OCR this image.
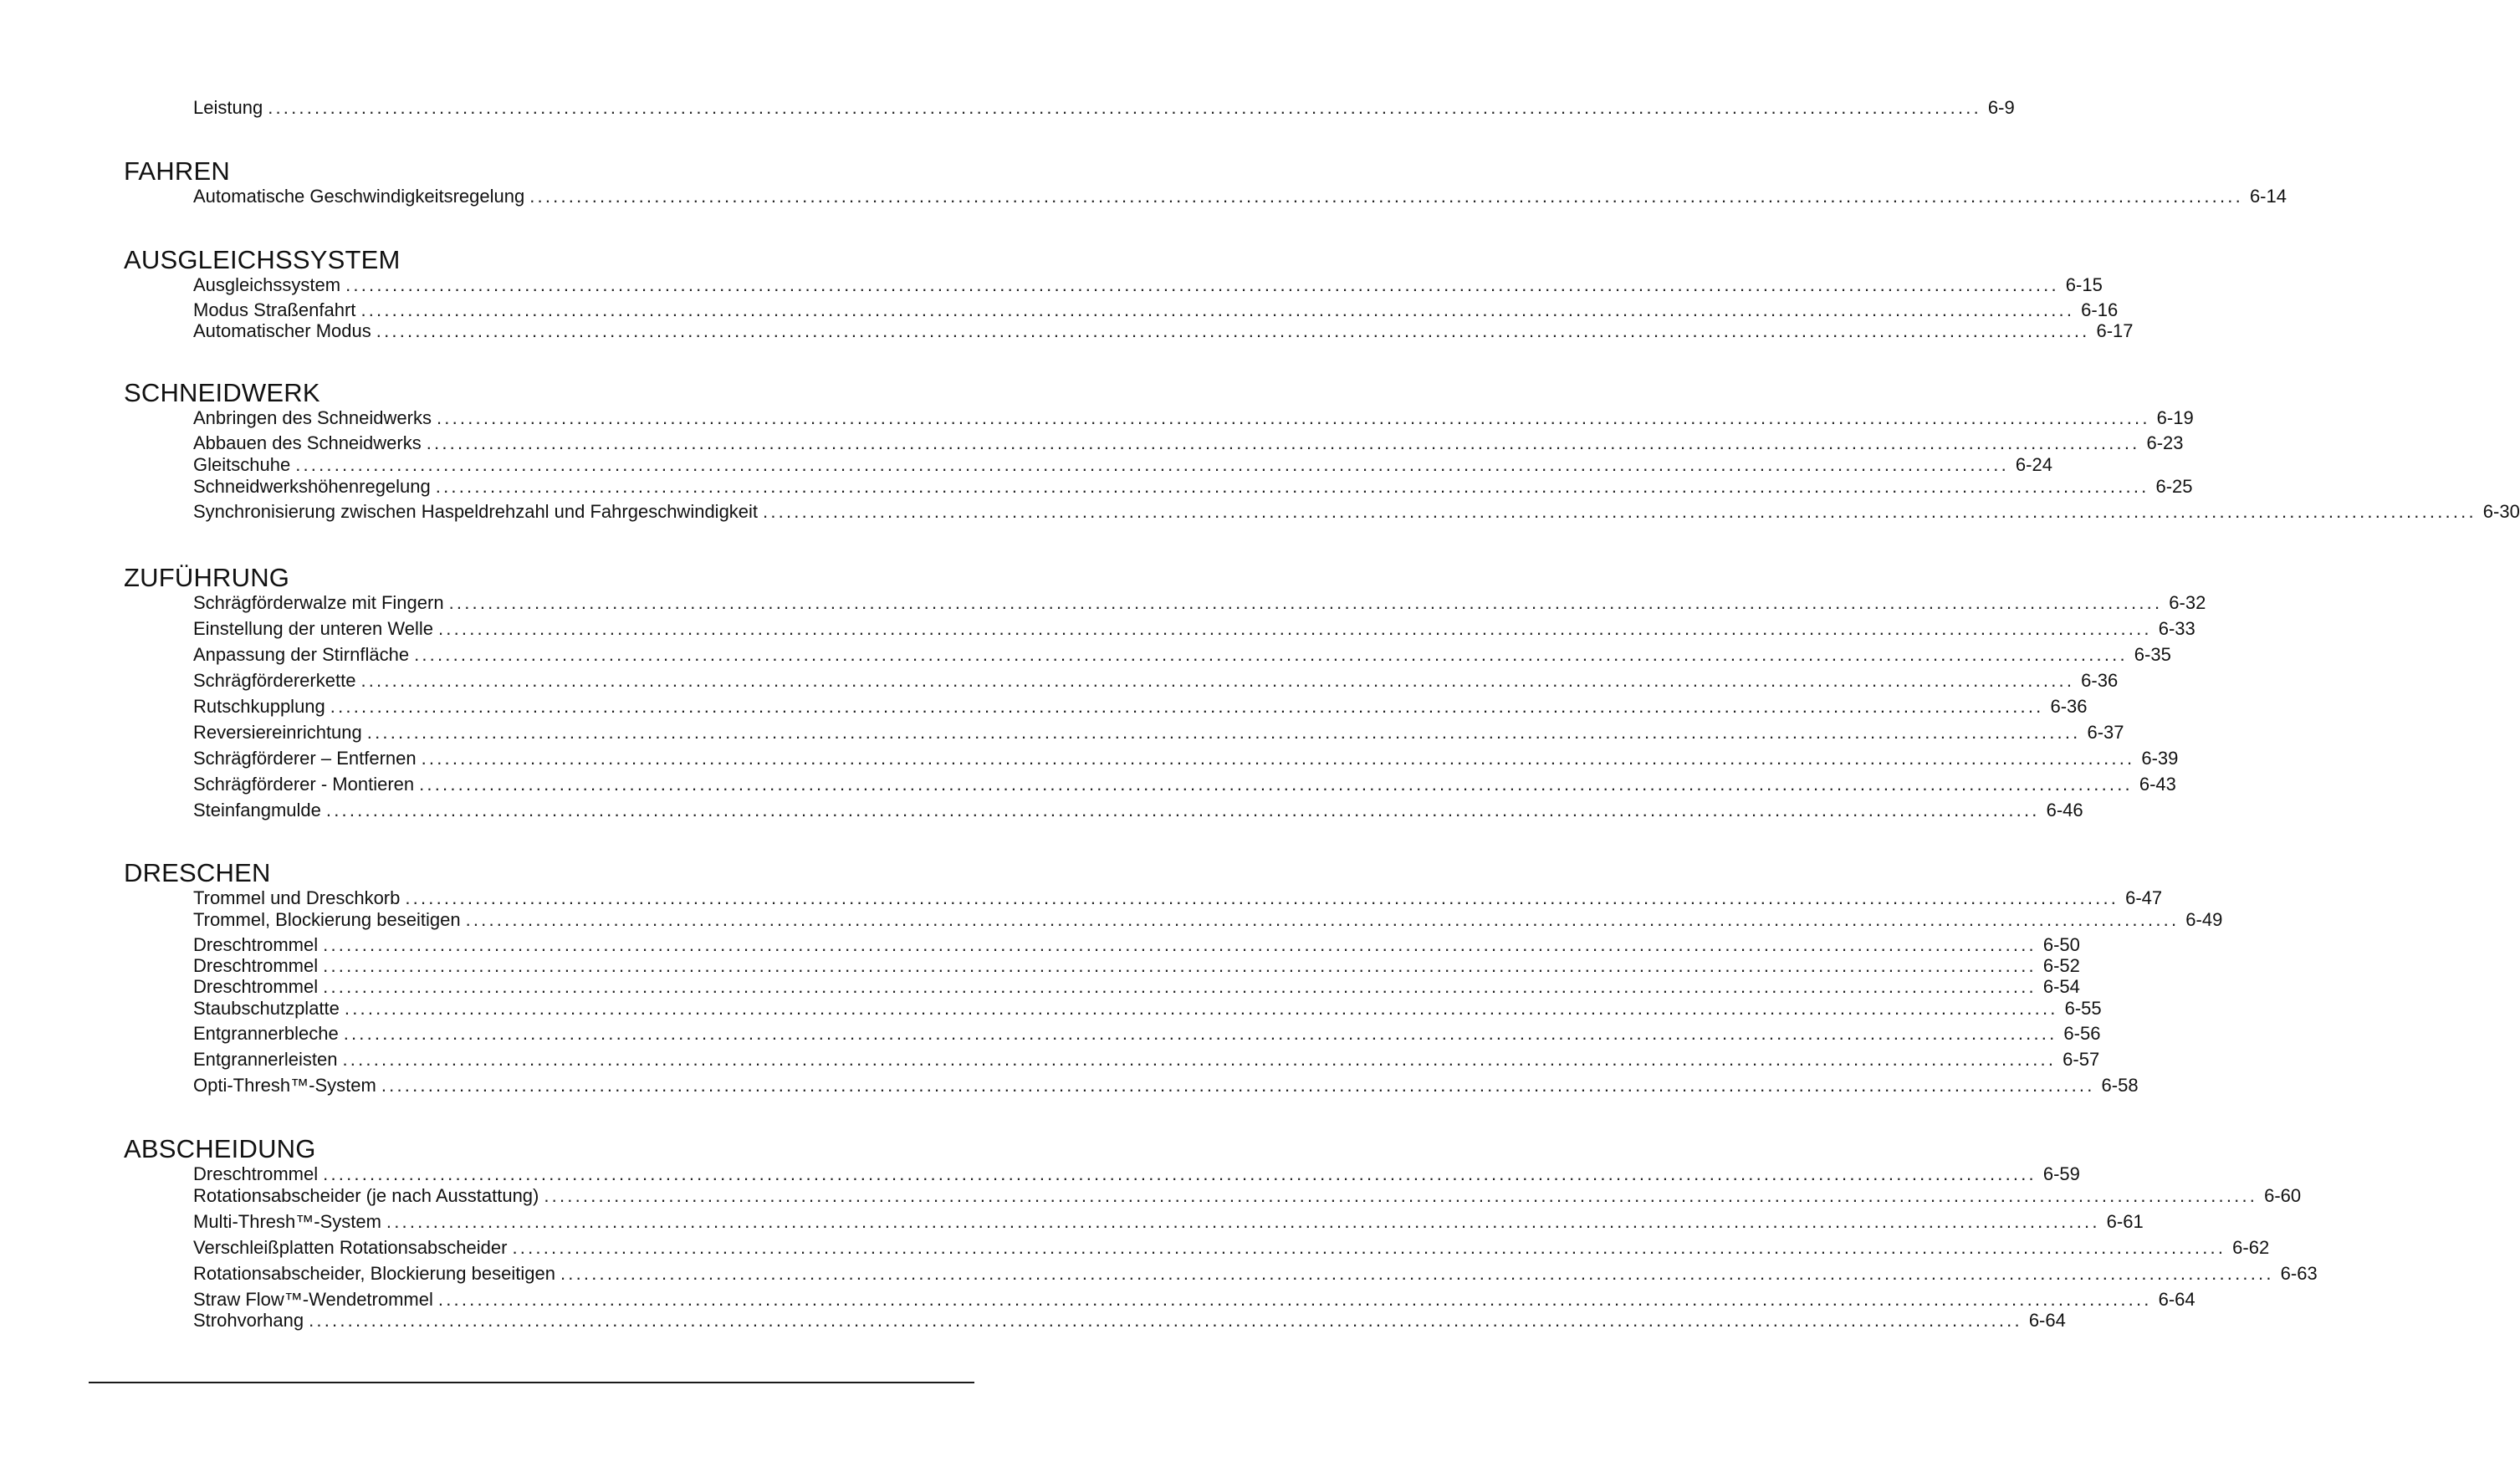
Leistung ............................................................................................................................................................................................................................ 6-9
FAHREN
Automatische Geschwindigkeitsregelung ............................................................................................................................................................................................................................ 6-14
AUSGLEICHSSYSTEM
Ausgleichssystem ............................................................................................................................................................................................................................ 6-15
Modus Straßenfahrt ............................................................................................................................................................................................................................ 6-16
Automatischer Modus ............................................................................................................................................................................................................................ 6-17
SCHNEIDWERK
Anbringen des Schneidwerks ............................................................................................................................................................................................................................ 6-19
Abbauen des Schneidwerks ............................................................................................................................................................................................................................ 6-23
Gleitschuhe ............................................................................................................................................................................................................................ 6-24
Schneidwerkshöhenregelung ............................................................................................................................................................................................................................ 6-25
Synchronisierung zwischen Haspeldrehzahl und Fahrgeschwindigkeit ............................................................................................................................................................................................................................ 6-30
ZUFÜHRUNG
Schrägförderwalze mit Fingern ............................................................................................................................................................................................................................ 6-32
Einstellung der unteren Welle ............................................................................................................................................................................................................................ 6-33
Anpassung der Stirnfläche ............................................................................................................................................................................................................................ 6-35
Schrägfördererkette ............................................................................................................................................................................................................................ 6-36
Rutschkupplung ............................................................................................................................................................................................................................ 6-36
Reversiereinrichtung ............................................................................................................................................................................................................................ 6-37
Schrägförderer – Entfernen ............................................................................................................................................................................................................................ 6-39
Schrägförderer - Montieren ............................................................................................................................................................................................................................ 6-43
Steinfangmulde ............................................................................................................................................................................................................................ 6-46
DRESCHEN
Trommel und Dreschkorb ............................................................................................................................................................................................................................ 6-47
Trommel, Blockierung beseitigen ............................................................................................................................................................................................................................ 6-49
Dreschtrommel ............................................................................................................................................................................................................................ 6-50
Dreschtrommel ............................................................................................................................................................................................................................ 6-52
Dreschtrommel ............................................................................................................................................................................................................................ 6-54
Staubschutzplatte ............................................................................................................................................................................................................................ 6-55
Entgrannerbleche ............................................................................................................................................................................................................................ 6-56
Entgrannerleisten ............................................................................................................................................................................................................................ 6-57
Opti-Thresh™-System ............................................................................................................................................................................................................................ 6-58
ABSCHEIDUNG
Dreschtrommel ............................................................................................................................................................................................................................ 6-59
Rotationsabscheider (je nach Ausstattung) ............................................................................................................................................................................................................................ 6-60
Multi-Thresh™-System ............................................................................................................................................................................................................................ 6-61
Verschleißplatten Rotationsabscheider ............................................................................................................................................................................................................................ 6-62
Rotationsabscheider, Blockierung beseitigen ............................................................................................................................................................................................................................ 6-63
Straw Flow™-Wendetrommel ............................................................................................................................................................................................................................ 6-64
Strohvorhang ............................................................................................................................................................................................................................ 6-64
